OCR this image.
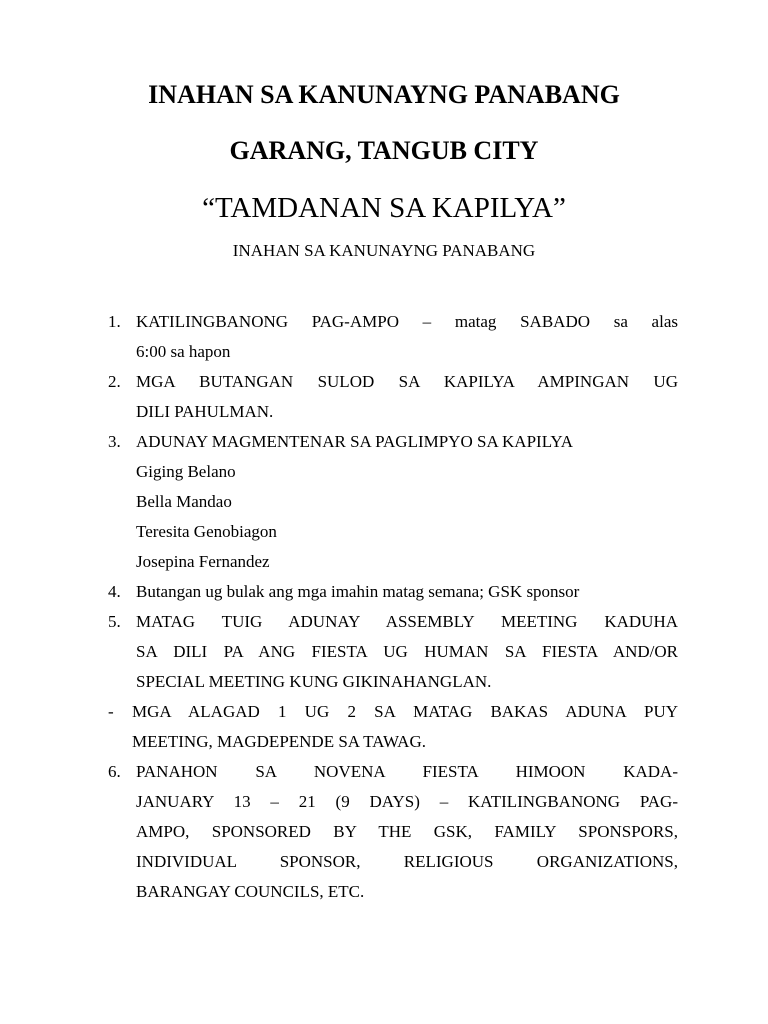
INAHAN SA KANUNAYNG PANABANG
GARANG, TANGUB CITY
“TAMDANAN SA KAPILYA”
INAHAN SA KANUNAYNG PANABANG
1. KATILINGBANONG PAG-AMPO – matag SABADO sa alas
6:00 sa hapon
2. MGA BUTANGAN SULOD SA KAPILYA AMPINGAN UG
DILI PAHULMAN.
3. ADUNAY MAGMENTENAR SA PAGLIMPYO SA KAPILYA
Giging Belano
Bella Mandao
Teresita Genobiagon
Josepina Fernandez
4. Butangan ug bulak ang mga imahin matag semana; GSK sponsor
5. MATAG TUIG ADUNAY ASSEMBLY MEETING KADUHA
SA DILI PA ANG FIESTA UG HUMAN SA FIESTA AND/OR
SPECIAL MEETING KUNG GIKINAHANGLAN.
- MGA ALAGAD 1 UG 2 SA MATAG BAKAS ADUNA PUY
MEETING, MAGDEPENDE SA TAWAG.
6. PANAHON SA NOVENA FIESTA HIMOON KADA-
JANUARY 13 – 21 (9 DAYS) – KATILINGBANONG PAG-
AMPO, SPONSORED BY THE GSK, FAMILY SPONSPORS,
INDIVIDUAL SPONSOR, RELIGIOUS ORGANIZATIONS,
BARANGAY COUNCILS, ETC.
